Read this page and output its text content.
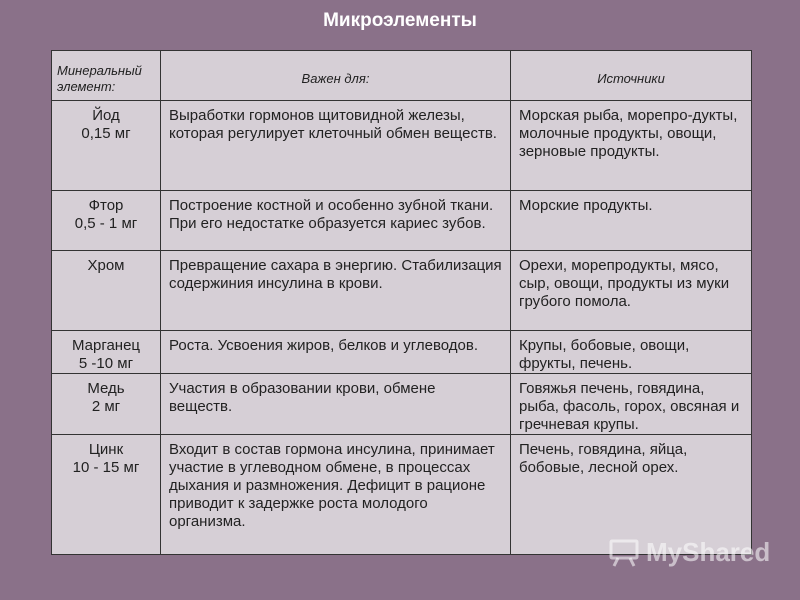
Микроэлементы
Минеральный элемент:	Важен для:	Источники

Йод
0,15 мг	Выработки гормонов щитовидной железы, которая регулирует клеточный обмен веществ.	Морская рыба, морепро-дукты, молочные продукты, овощи, зерновые продукты.

Фтор
0,5 - 1 мг	Построение костной и особенно зубной ткани. При его недостатке образуется кариес зубов.	Морские продукты.

Хром	Превращение сахара в энергию. Стабилизация содержиния инсулина в крови.	Орехи, морепродукты, мясо, сыр, овощи, продукты из муки грубого помола.

Марганец
5 -10 мг	Роста. Усвоения жиров, белков и углеводов.	Крупы, бобовые, овощи, фрукты, печень.

Медь
2 мг	Участия в образовании крови, обмене веществ.	Говяжья печень, говядина, рыба, фасоль, горох, овсяная и гречневая крупы.

Цинк
10 - 15 мг	Входит в состав гормона инсулина, принимает участие в углеводном обмене, в процессах дыхания и размножения. Дефицит в рационе приводит к задержке роста молодого организма.	Печень, говядина, яйца, бобовые, лесной орех.
MyShared
